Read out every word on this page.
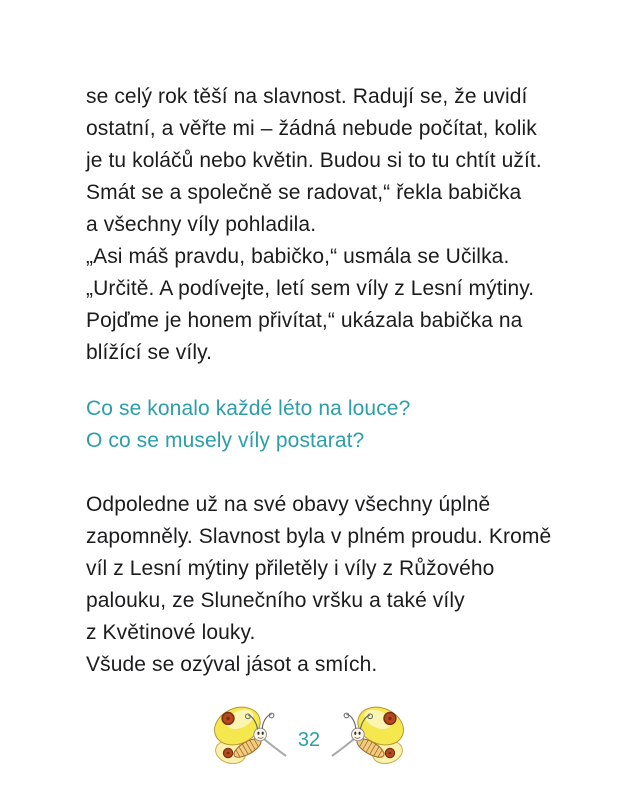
se celý rok těší na slavnost. Radují se, že uvidí
ostatní, a věřte mi – žádná nebude počítat, kolik
je tu koláčů nebo květin. Budou si to tu chtít užít.
Smát se a společně se radovat,“ řekla babička
a všechny víly pohladila.
„Asi máš pravdu, babičko,“ usmála se Učilka.
„Určitě. A podívejte, letí sem víly z Lesní mýtiny.
Pojďme je honem přivítat,“ ukázala babička na
blížící se víly.
Co se konalo každé léto na louce?
O co se musely víly postarat?
Odpoledne už na své obavy všechny úplně
zapomněly. Slavnost byla v plném proudu. Kromě
víl z Lesní mýtiny přiletěly i víly z Růžového
palouku, ze Slunečního vršku a také víly
z Květinové louky.
Všude se ozýval jásot a smích.
32
